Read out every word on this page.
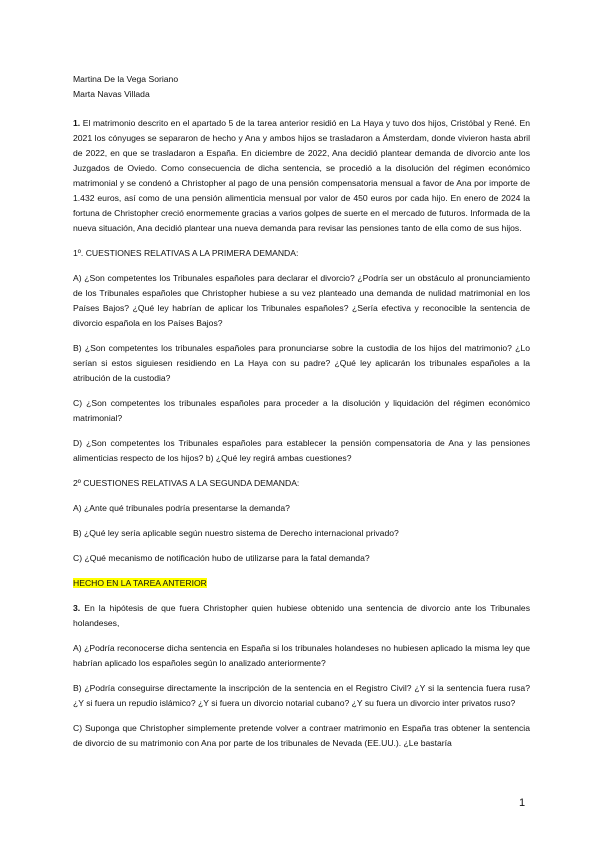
Martina De la Vega Soriano
Marta Navas Villada

1. El matrimonio descrito en el apartado 5 de la tarea anterior residió en La Haya y tuvo dos hijos, Cristóbal y René. En 2021 los cónyuges se separaron de hecho y Ana y ambos hijos se trasladaron a Ámsterdam, donde vivieron hasta abril de 2022, en que se trasladaron a España. En diciembre de 2022, Ana decidió plantear demanda de divorcio ante los Juzgados de Oviedo. Como consecuencia de dicha sentencia, se procedió a la disolución del régimen económico matrimonial y se condenó a Christopher al pago de una pensión compensatoria mensual a favor de Ana por importe de 1.432 euros, así como de una pensión alimenticia mensual por valor de 450 euros por cada hijo. En enero de 2024 la fortuna de Christopher creció enormemente gracias a varios golpes de suerte en el mercado de futuros. Informada de la nueva situación, Ana decidió plantear una nueva demanda para revisar las pensiones tanto de ella como de sus hijos.

1º. CUESTIONES RELATIVAS A LA PRIMERA DEMANDA:

A) ¿Son competentes los Tribunales españoles para declarar el divorcio? ¿Podría ser un obstáculo al pronunciamiento de los Tribunales españoles que Christopher hubiese a su vez planteado una demanda de nulidad matrimonial en los Países Bajos? ¿Qué ley habrían de aplicar los Tribunales españoles? ¿Sería efectiva y reconocible la sentencia de divorcio española en los Países Bajos?

B) ¿Son competentes los tribunales españoles para pronunciarse sobre la custodia de los hijos del matrimonio? ¿Lo serían si estos siguiesen residiendo en La Haya con su padre? ¿Qué ley aplicarán los tribunales españoles a la atribución de la custodia?

C) ¿Son competentes los tribunales españoles para proceder a la disolución y liquidación del régimen económico matrimonial?

D) ¿Son competentes los Tribunales españoles para establecer la pensión compensatoria de Ana y las pensiones alimenticias respecto de los hijos? b) ¿Qué ley regirá ambas cuestiones?

2º CUESTIONES RELATIVAS A LA SEGUNDA DEMANDA:

A) ¿Ante qué tribunales podría presentarse la demanda?

B) ¿Qué ley sería aplicable según nuestro sistema de Derecho internacional privado?

C) ¿Qué mecanismo de notificación hubo de utilizarse para la fatal demanda?

HECHO EN LA TAREA ANTERIOR

3. En la hipótesis de que fuera Christopher quien hubiese obtenido una sentencia de divorcio ante los Tribunales holandeses,

A) ¿Podría reconocerse dicha sentencia en España si los tribunales holandeses no hubiesen aplicado la misma ley que habrían aplicado los españoles según lo analizado anteriormente?

B) ¿Podría conseguirse directamente la inscripción de la sentencia en el Registro Civil? ¿Y si la sentencia fuera rusa? ¿Y si fuera un repudio islámico? ¿Y si fuera un divorcio notarial cubano? ¿Y su fuera un divorcio inter privatos ruso?

C) Suponga que Christopher simplemente pretende volver a contraer matrimonio en España tras obtener la sentencia de divorcio de su matrimonio con Ana por parte de los tribunales de Nevada (EE.UU.). ¿Le bastaría

1
